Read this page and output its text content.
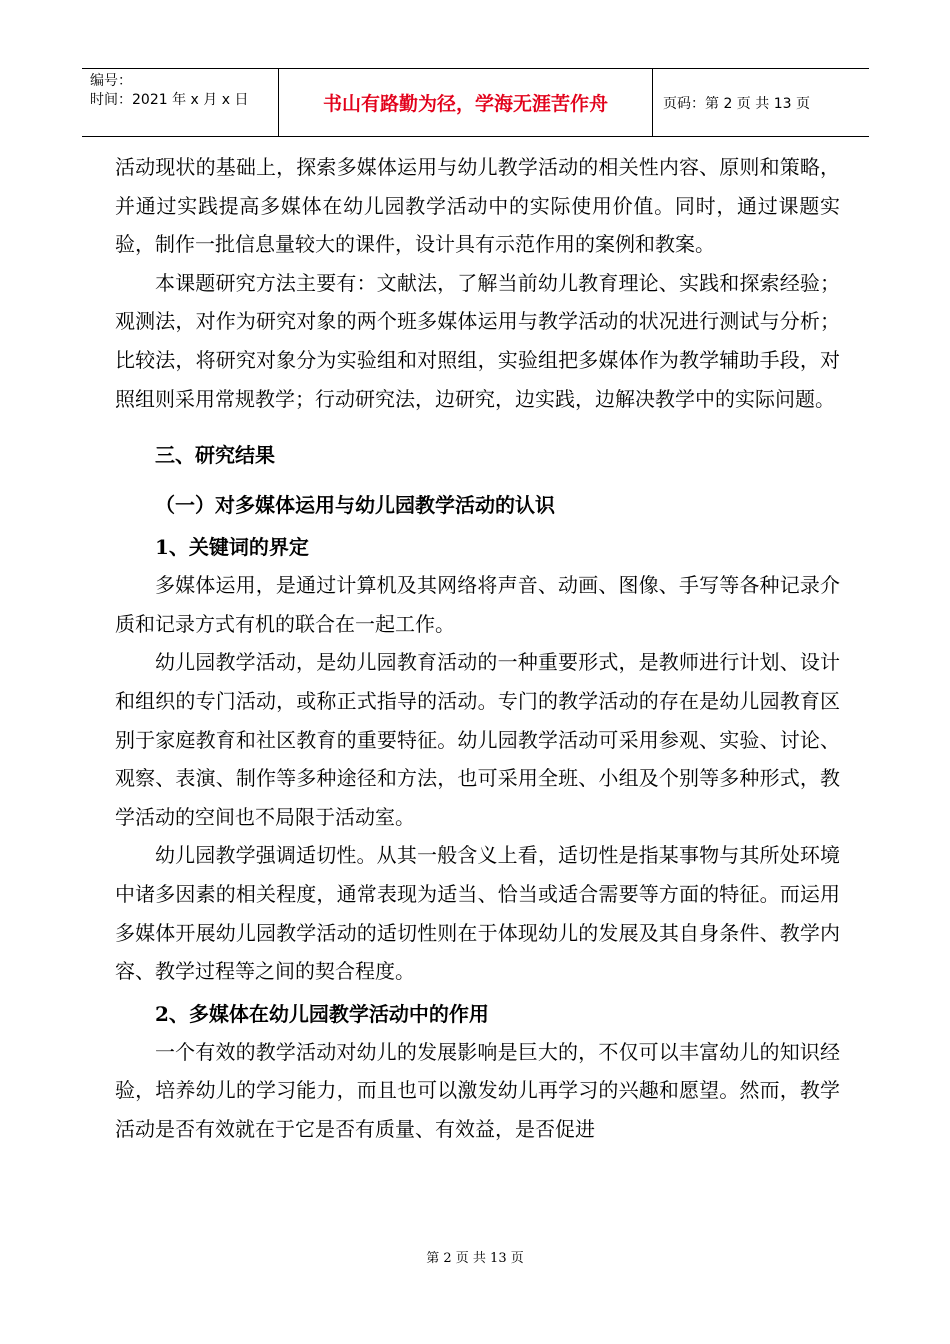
编号：
时间：2021 年 x 月 x 日	书山有路勤为径，学海无涯苦作舟	页码：第 2 页 共 13 页

活动现状的基础上，探索多媒体运用与幼儿教学活动的相关性内容、原则和策略，并通过实践提高多媒体在幼儿园教学活动中的实际使用价值。同时，通过课题实验，制作一批信息量较大的课件，设计具有示范作用的案例和教案。

本课题研究方法主要有：文献法，了解当前幼儿教育理论、实践和探索经验；观测法，对作为研究对象的两个班多媒体运用与教学活动的状况进行测试与分析；比较法，将研究对象分为实验组和对照组，实验组把多媒体作为教学辅助手段，对照组则采用常规教学；行动研究法，边研究，边实践，边解决教学中的实际问题。

三、研究结果
（一）对多媒体运用与幼儿园教学活动的认识
1、关键词的界定

多媒体运用，是通过计算机及其网络将声音、动画、图像、手写等各种记录介质和记录方式有机的联合在一起工作。

幼儿园教学活动，是幼儿园教育活动的一种重要形式，是教师进行计划、设计和组织的专门活动，或称正式指导的活动。专门的教学活动的存在是幼儿园教育区别于家庭教育和社区教育的重要特征。幼儿园教学活动可采用参观、实验、讨论、观察、表演、制作等多种途径和方法，也可采用全班、小组及个别等多种形式，教学活动的空间也不局限于活动室。

幼儿园教学强调适切性。从其一般含义上看，适切性是指某事物与其所处环境中诸多因素的相关程度，通常表现为适当、恰当或适合需要等方面的特征。而运用多媒体开展幼儿园教学活动的适切性则在于体现幼儿的发展及其自身条件、教学内容、教学过程等之间的契合程度。

2、多媒体在幼儿园教学活动中的作用

一个有效的教学活动对幼儿的发展影响是巨大的，不仅可以丰富幼儿的知识经验，培养幼儿的学习能力，而且也可以激发幼儿再学习的兴趣和愿望。然而，教学活动是否有效就在于它是否有质量、有效益，是否促进

第 2 页 共 13 页
